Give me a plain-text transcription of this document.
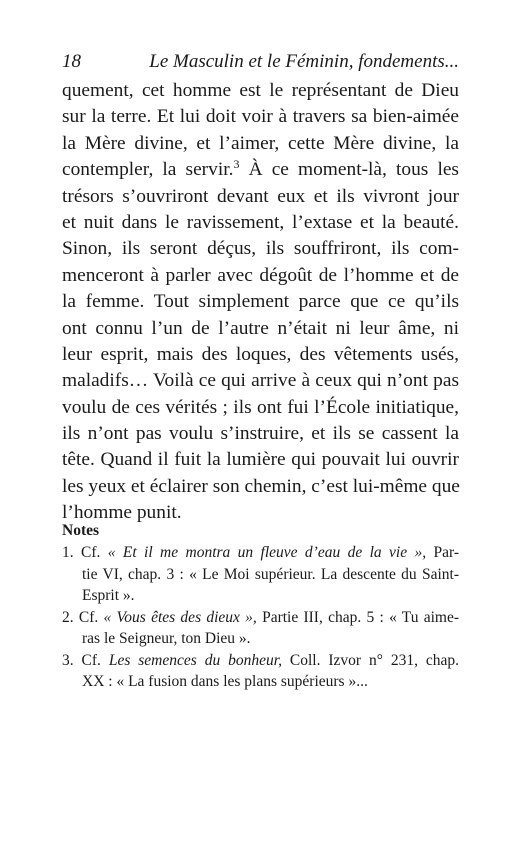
18	Le Masculin et le Féminin, fondements...
quement, cet homme est le représentant de Dieu
sur la terre. Et lui doit voir à travers sa bien-aimée
la Mère divine, et l’aimer, cette Mère divine, la
contempler, la servir.$^3$ À ce moment-là, tous les
trésors s’ouvriront devant eux et ils vivront jour
et nuit dans le ravissement, l’extase et la beauté.
Sinon, ils seront déçus, ils souffriront, ils com-
menceront à parler avec dégoût de l’homme et de
la femme. Tout simplement parce que ce qu’ils
ont connu l’un de l’autre n’était ni leur âme, ni
leur esprit, mais des loques, des vêtements usés,
maladifs… Voilà ce qui arrive à ceux qui n’ont pas
voulu de ces vérités ; ils ont fui l’École initiatique,
ils n’ont pas voulu s’instruire, et ils se cassent la
tête. Quand il fuit la lumière qui pouvait lui ouvrir
les yeux et éclairer son chemin, c’est lui-même que
l’homme punit.
Notes
1. Cf. « Et il me montra un fleuve d’eau de la vie », Par-
tie VI, chap. 3 : « Le Moi supérieur. La descente du Saint-
Esprit ».
2. Cf. « Vous êtes des dieux », Partie III, chap. 5 : « Tu aime-
ras le Seigneur, ton Dieu ».
3. Cf. Les semences du bonheur, Coll. Izvor n° 231, chap.
XX : « La fusion dans les plans supérieurs »...
